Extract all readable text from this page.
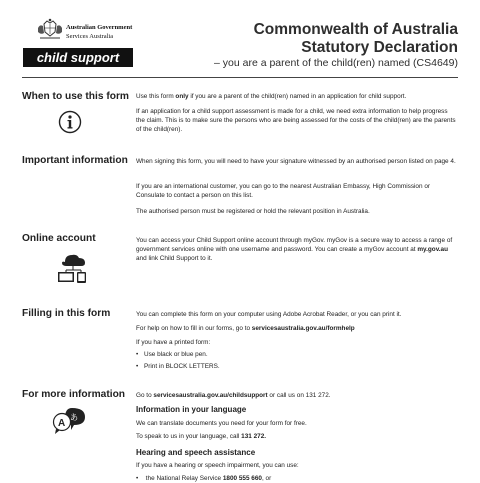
Australian Government
Services Australia
child support
Commonwealth of Australia
Statutory Declaration
– you are a parent of the child(ren) named (CS4649)
When to use this form Use this form only if you are a parent of the child(ren) named in an application for child support.
If an application for a child support assessment is made for a child, we need extra information to help progress the claim. This is to make sure the persons who are being assessed for the costs of the child(ren) are the parents of the child(ren).
Important information When signing this form, you will need to have your signature witnessed by an authorised person listed on page 4.
If you are an international customer, you can go to the nearest Australian Embassy, High Commission or Consulate to contact a person on this list.
The authorised person must be registered or hold the relevant position in Australia.
Online account	You can access your Child Support online account through myGov. myGov is a secure way to access a range of government services online with one username and password. You can create a myGov account at my.gov.au and link Child Support to it.
Filling in this form	You can complete this form on your computer using Adobe Acrobat Reader, or you can print it.
For help on how to fill in our forms, go to servicesaustralia.gov.au/formhelp
If you have a printed form:
• Use black or blue pen.
• Print in BLOCK LETTERS.
For more information
あ
A
Go to servicesaustralia.gov.au/childsupport or call us on 131 272.
Information in your language
We can translate documents you need for your form for free.
To speak to us in your language, call 131 272.
Hearing and speech assistance
If you have a hearing or speech impairment, you can use:
• the National Relay Service 1800 555 660, or
